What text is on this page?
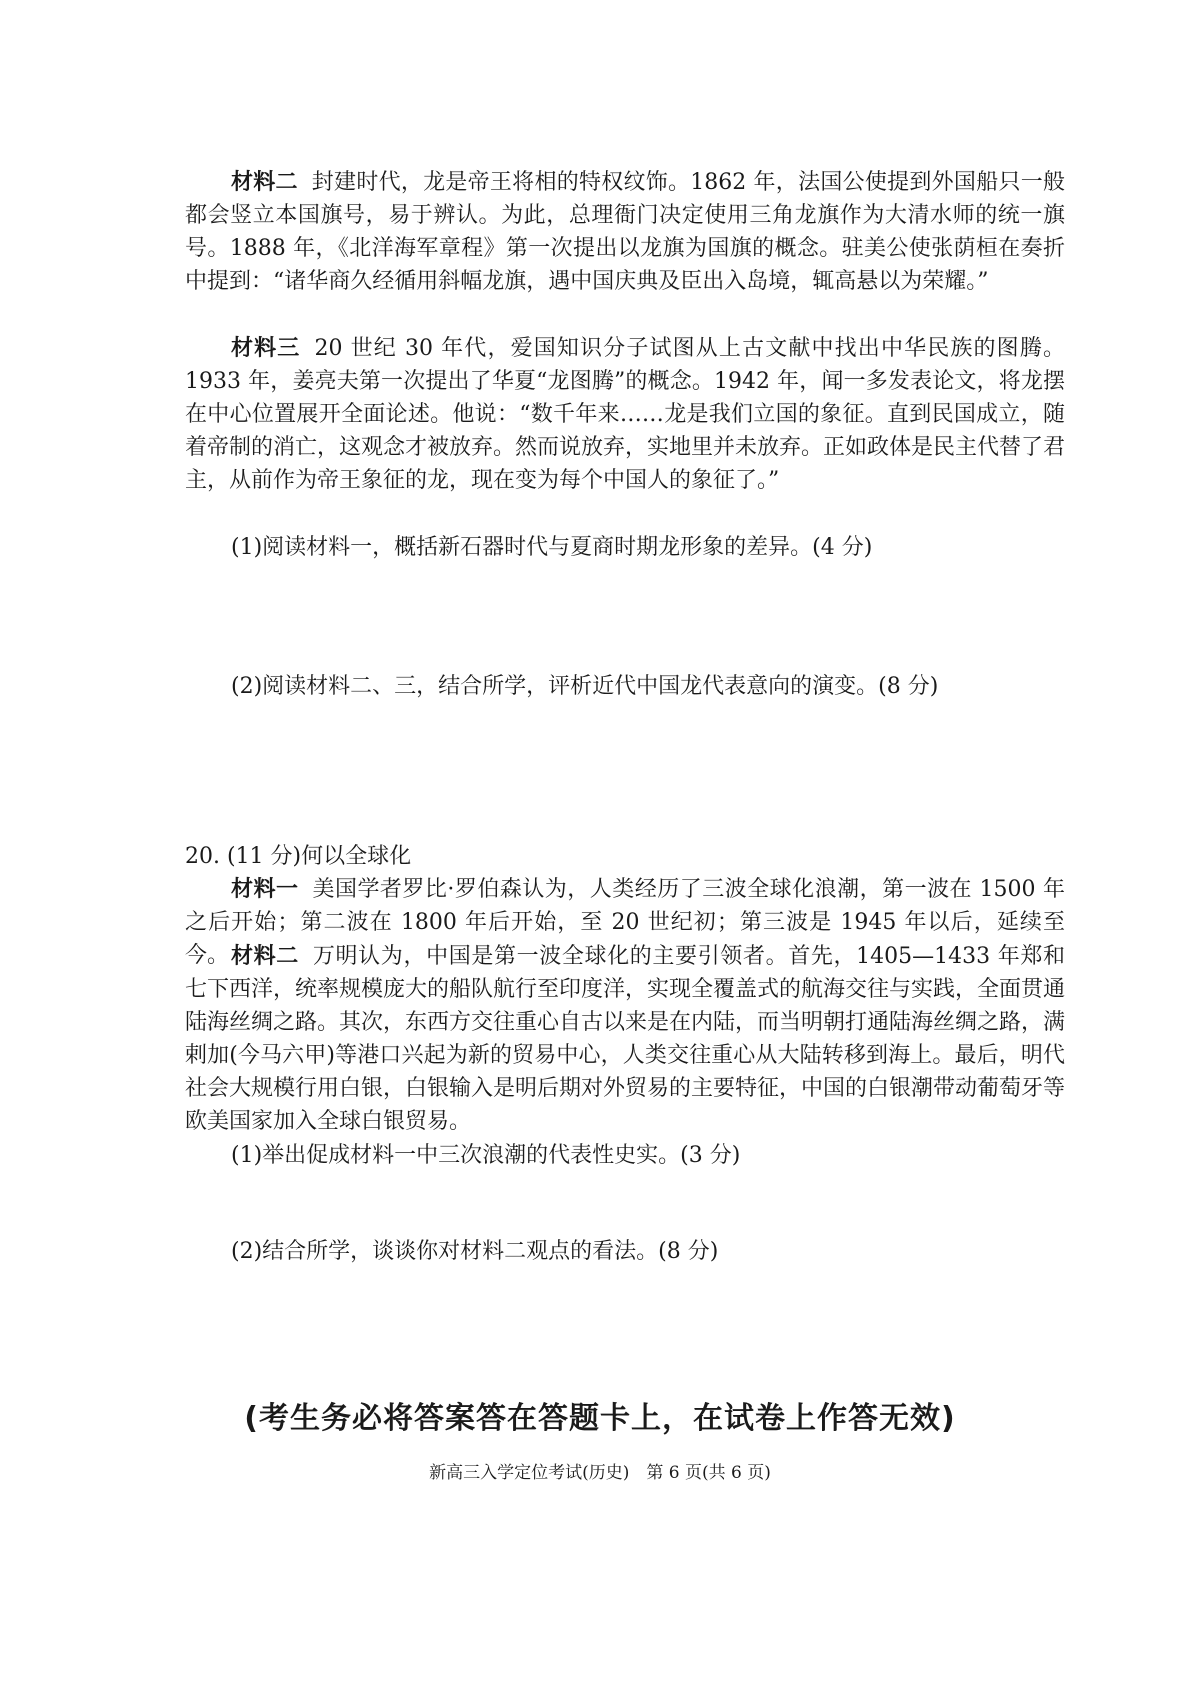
材料二 封建时代，龙是帝王将相的特权纹饰。1862 年，法国公使提到外国船只一般都会竖立本国旗号，易于辨认。为此，总理衙门决定使用三角龙旗作为大清水师的统一旗号。1888 年，《北洋海军章程》第一次提出以龙旗为国旗的概念。驻美公使张荫桓在奏折中提到：“诸华商久经循用斜幅龙旗，遇中国庆典及臣出入岛境，辄高悬以为荣耀。”

材料三 20 世纪 30 年代，爱国知识分子试图从上古文献中找出中华民族的图腾。1933 年，姜亮夫第一次提出了华夏“龙图腾”的概念。1942 年，闻一多发表论文，将龙摆在中心位置展开全面论述。他说：“数千年来……龙是我们立国的象征。直到民国成立，随着帝制的消亡，这观念才被放弃。然而说放弃，实地里并未放弃。正如政体是民主代替了君主，从前作为帝王象征的龙，现在变为每个中国人的象征了。”

(1)阅读材料一，概括新石器时代与夏商时期龙形象的差异。(4 分)

(2)阅读材料二、三，结合所学，评析近代中国龙代表意向的演变。(8 分)

20. (11 分)何以全球化

材料一 美国学者罗比·罗伯森认为，人类经历了三波全球化浪潮，第一波在 1500 年之后开始；第二波在 1800 年后开始，至 20 世纪初；第三波是 1945 年以后，延续至今。 材料二 万明认为，中国是第一波全球化的主要引领者。首先，1405—1433 年郑和七下西洋，统率规模庞大的船队航行至印度洋，实现全覆盖式的航海交往与实践，全面贯通陆海丝绸之路。其次，东西方交往重心自古以来是在内陆，而当明朝打通陆海丝绸之路，满剌加(今马六甲)等港口兴起为新的贸易中心，人类交往重心从大陆转移到海上。最后，明代社会大规模行用白银，白银输入是明后期对外贸易的主要特征，中国的白银潮带动葡萄牙等欧美国家加入全球白银贸易。

(1)举出促成材料一中三次浪潮的代表性史实。(3 分)

(2)结合所学，谈谈你对材料二观点的看法。(8 分)

(考生务必将答案答在答题卡上，在试卷上作答无效)

新高三入学定位考试(历史)　第 6 页(共 6 页)
